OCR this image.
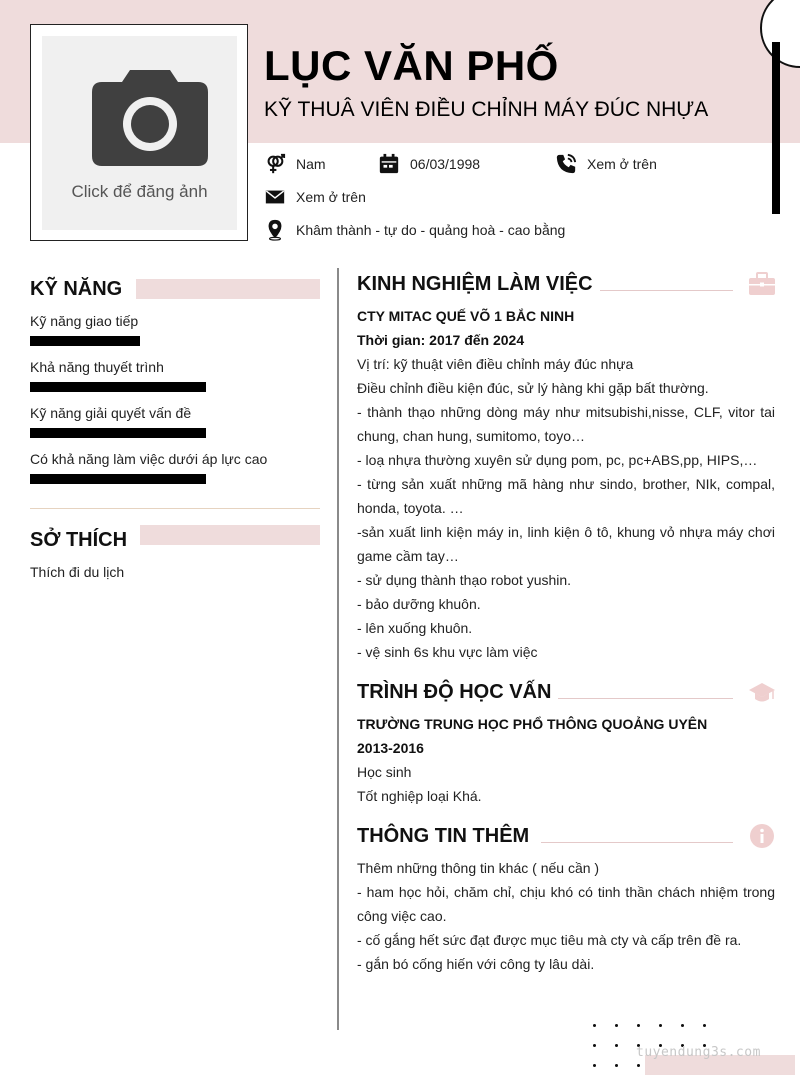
Click để đăng ảnh
LỤC VĂN PHỐ
KỸ THUÂ VIÊN ĐIỀU CHỈNH MÁY ĐÚC NHỰA
Nam	06/03/1998	Xem ở trên
Xem ở trên
Khâm thành - tự do - quảng hoà - cao bằng
KỸ NĂNG
Kỹ năng giao tiếp
Khả năng thuyết trình
Kỹ năng giải quyết vấn đề
Có khả năng làm việc dưới áp lực cao
SỞ THÍCH
Thích đi du lịch
KINH NGHIỆM LÀM VIỆC
CTY MITAC QUẾ VÕ 1 BẮC NINH
Thời gian: 2017 đến 2024

Vị trí: kỹ thuật viên điều chỉnh máy đúc nhựa

Điều chỉnh điều kiện đúc, sử lý hàng khi gặp bất thường.

- thành thạo những dòng máy như mitsubishi,nisse, CLF, vitor tai chung, chan hung, sumitomo, toyo…

- loạ nhựa thường xuyên sử dụng pom, pc, pc+ABS,pp, HIPS,…

- từng sản xuất những mã hàng như sindo, brother, NIk, compal, honda, toyota. …

-sản xuất linh kiện máy in, linh kiện ô tô, khung vỏ nhựa máy chơi game cầm tay…

- sử dụng thành thạo robot yushin.

- bảo dưỡng khuôn.

- lên xuống khuôn.

- vệ sinh 6s khu vực làm việc

TRÌNH ĐỘ HỌC VẤN
TRƯỜNG TRUNG HỌC PHỔ THÔNG QUOẢNG UYÊN
2013-2016

Học sinh

Tốt nghiệp loại Khá.

THÔNG TIN THÊM

Thêm những thông tin khác ( nếu cần )

- ham học hỏi, chăm chỉ, chịu khó có tinh thần chách nhiệm trong công việc cao.

- cố gắng hết sức đạt được mục tiêu mà cty và cấp trên đề ra.

- gắn bó cống hiến với công ty lâu dài.

tuyendung3s.com
